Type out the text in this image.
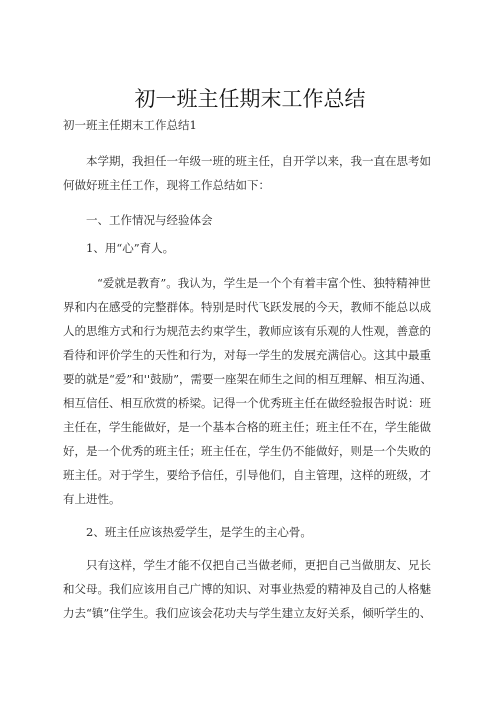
初一班主任期末工作总结
初一班主任期末工作总结1
本学期，我担任一年级一班的班主任，自开学以来，我一直在思考如
何做好班主任工作，现将工作总结如下：
一、工作情况与经验体会
1、用“心”育人。
“爱就是教育”。我认为，学生是一个个有着丰富个性、独特精神世
界和内在感受的完整群体。特别是时代飞跃发展的今天，教师不能总以成
人的思维方式和行为规范去约束学生，教师应该有乐观的人性观，善意的
看待和评价学生的天性和行为，对每一学生的发展充满信心。这其中最重
要的就是“爱”和''鼓励”，需要一座架在师生之间的相互理解、相互沟通、
相互信任、相互欣赏的桥梁。记得一个优秀班主任在做经验报告时说：班
主任在，学生能做好，是一个基本合格的班主任；班主任不在，学生能做
好，是一个优秀的班主任；班主任在，学生仍不能做好，则是一个失败的
班主任。对于学生，要给予信任，引导他们，自主管理，这样的班级，才
有上进性。
2、班主任应该热爱学生，是学生的主心骨。
只有这样，学生才能不仅把自己当做老师，更把自己当做朋友、兄长
和父母。我们应该用自己广博的知识、对事业热爱的精神及自己的人格魅
力去“镇”住学生。我们应该会花功夫与学生建立友好关系，倾听学生的、
